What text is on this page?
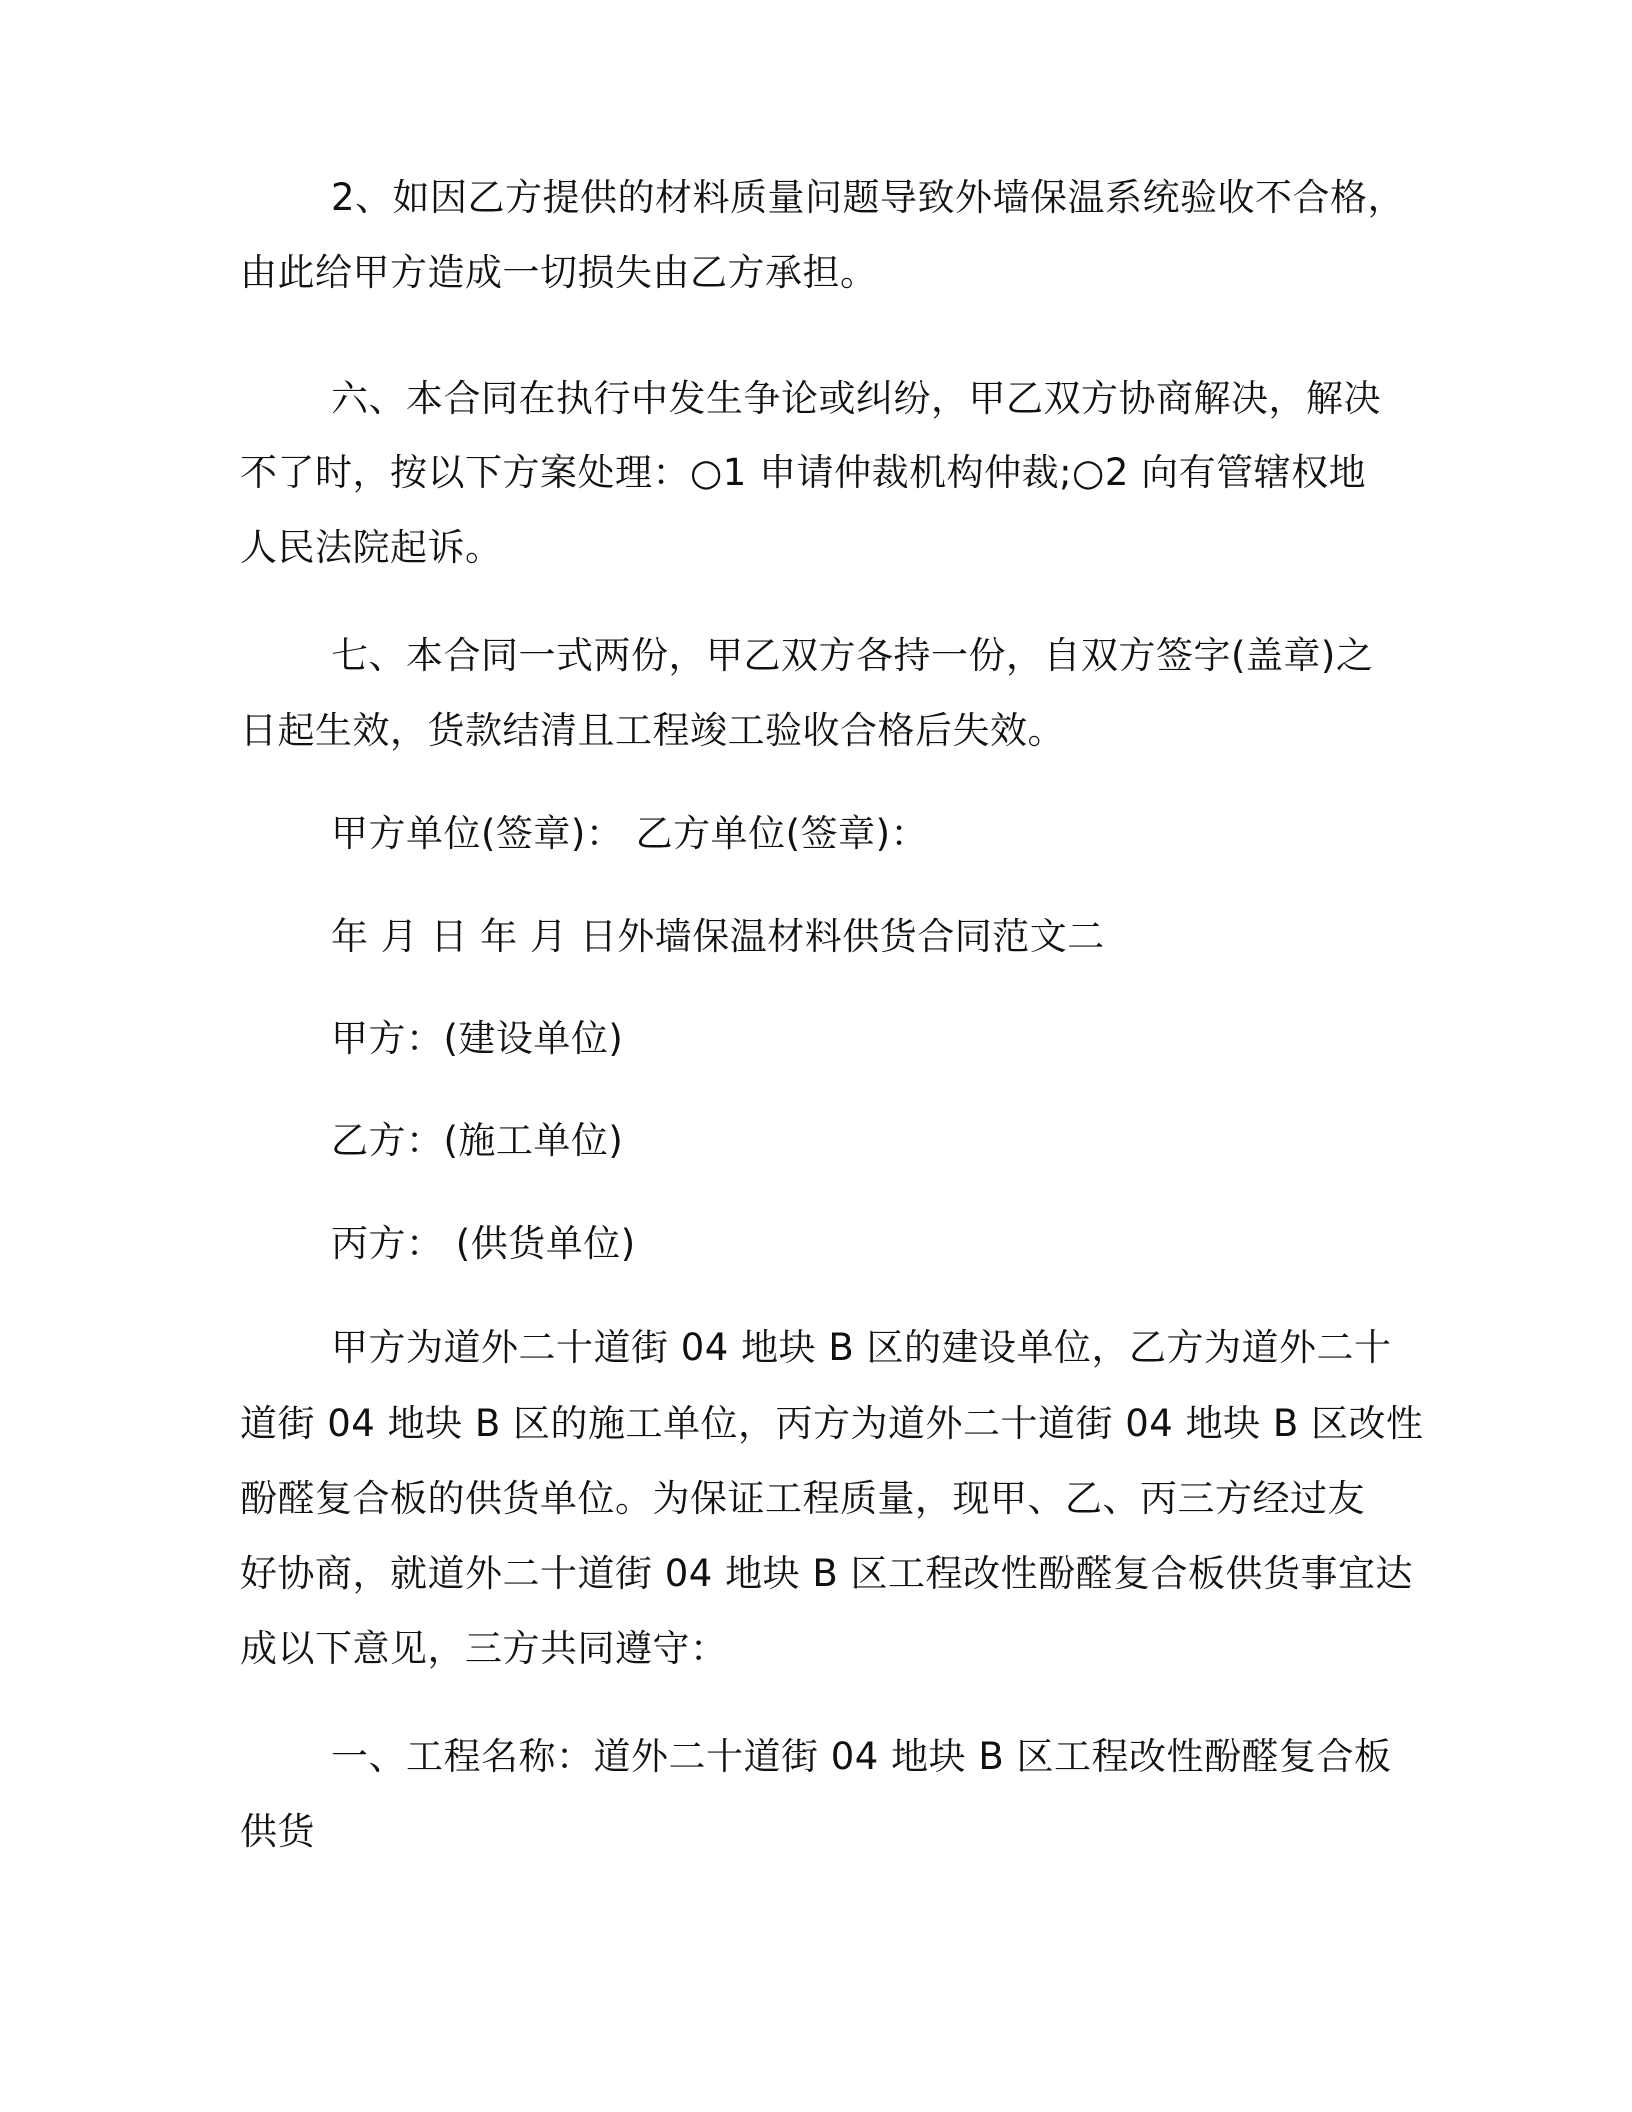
2、如因乙方提供的材料质量问题导致外墙保温系统验收不合格，
由此给甲方造成一切损失由乙方承担。
六、本合同在执行中发生争论或纠纷，甲乙双方协商解决，解决
不了时，按以下方案处理：○1 申请仲裁机构仲裁;○2 向有管辖权地
人民法院起诉。
七、本合同一式两份，甲乙双方各持一份，自双方签字(盖章)之
日起生效，货款结清且工程竣工验收合格后失效。
甲方单位(签章)： 乙方单位(签章)：
年 月 日 年 月 日外墙保温材料供货合同范文二
甲方：(建设单位)
乙方：(施工单位)
丙方： (供货单位)
甲方为道外二十道街 04 地块 B 区的建设单位，乙方为道外二十
道街 04 地块 B 区的施工单位，丙方为道外二十道街 04 地块 B 区改性
酚醛复合板的供货单位。为保证工程质量，现甲、乙、丙三方经过友
好协商，就道外二十道街 04 地块 B 区工程改性酚醛复合板供货事宜达
成以下意见，三方共同遵守：
一、工程名称：道外二十道街 04 地块 B 区工程改性酚醛复合板
供货
